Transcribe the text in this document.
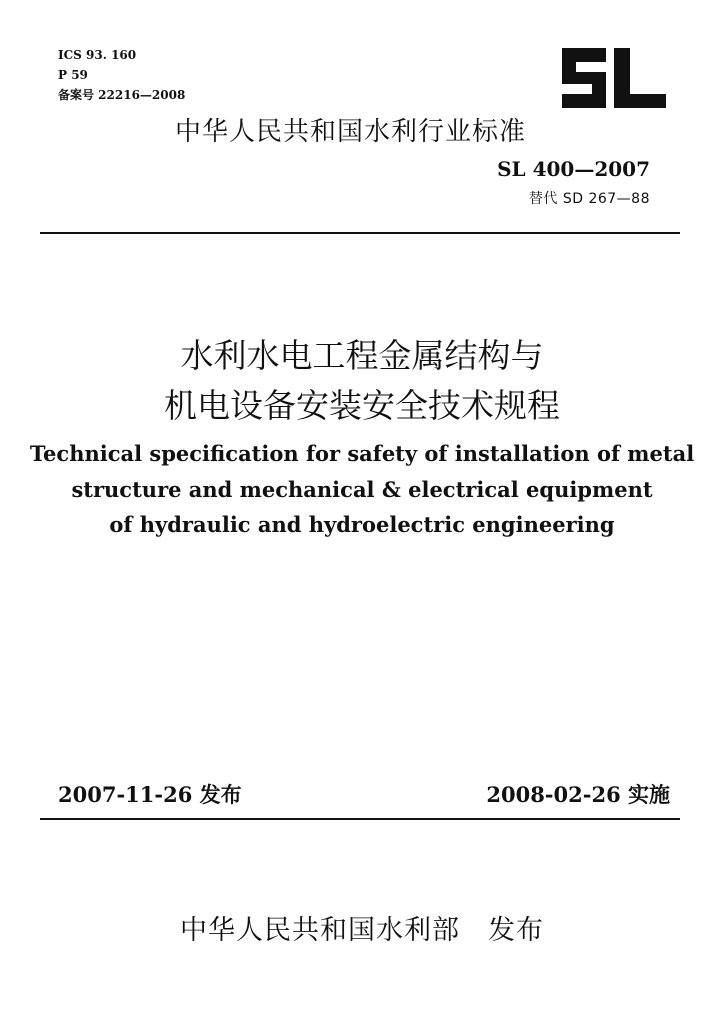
ICS 93. 160
P 59
备案号 22216—2008
中华人民共和国水利行业标准
SL 400—2007
替代 SD 267—88
水利水电工程金属结构与
机电设备安装安全技术规程
Technical specification for safety of installation of metal
structure and mechanical & electrical equipment
of hydraulic and hydroelectric engineering
2007-11-26 发布	2008-02-26 实施
中华人民共和国水利部　发布
